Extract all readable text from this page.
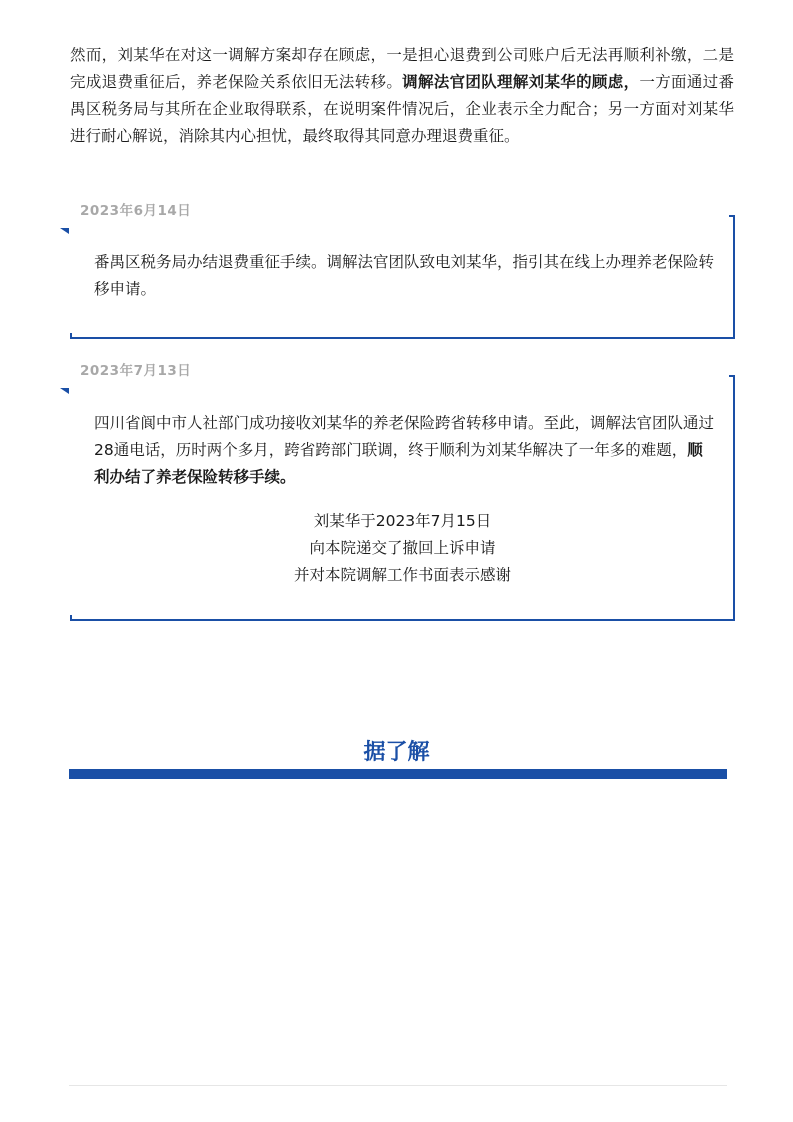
然而，刘某华在对这一调解方案却存在顾虑，一是担心退费到公司账户后无法再顺利补缴，二是完成退费重征后，养老保险关系依旧无法转移。调解法官团队理解刘某华的顾虑，一方面通过番禺区税务局与其所在企业取得联系，在说明案件情况后，企业表示全力配合；另一方面对刘某华进行耐心解说，消除其内心担忧，最终取得其同意办理退费重征。

2023年6月14日

番禺区税务局办结退费重征手续。调解法官团队致电刘某华，指引其在线上办理养老保险转移申请。

2023年7月13日

四川省阆中市人社部门成功接收刘某华的养老保险跨省转移申请。至此，调解法官团队通过28通电话，历时两个多月，跨省跨部门联调，终于顺利为刘某华解决了一年多的难题，顺利办结了养老保险转移手续。

刘某华于2023年7月15日
向本院递交了撤回上诉申请
并对本院调解工作书面表示感谢
据了解
